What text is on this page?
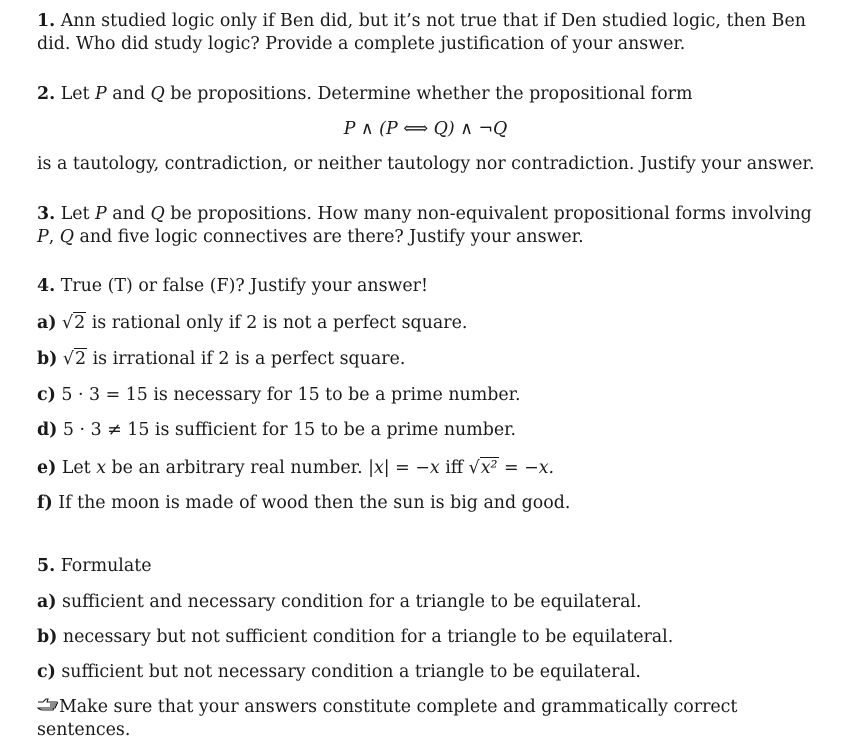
1. Ann studied logic only if Ben did, but it’s not true that if Den studied logic, then Ben
did. Who did study logic? Provide a complete justification of your answer.
2. Let P and Q be propositions. Determine whether the propositional form
P ∧ (P ⟺ Q) ∧ ¬Q
is a tautology, contradiction, or neither tautology nor contradiction. Justify your answer.
3. Let P and Q be propositions. How many non-equivalent propositional forms involving
P, Q and five logic connectives are there? Justify your answer.
4. True (T) or false (F)? Justify your answer!
a) √2 is rational only if 2 is not a perfect square.
b) √2 is irrational if 2 is a perfect square.
c) 5 · 3 = 15 is necessary for 15 to be a prime number.
d) 5 · 3 ≠ 15 is sufficient for 15 to be a prime number.
e) Let x be an arbitrary real number. |x| = −x iff √x² = −x.
f) If the moon is made of wood then the sun is big and good.
5. Formulate
a) sufficient and necessary condition for a triangle to be equilateral.
b) necessary but not sufficient condition for a triangle to be equilateral.
c) sufficient but not necessary condition a triangle to be equilateral.
Make sure that your answers constitute complete and grammatically correct sentences.
